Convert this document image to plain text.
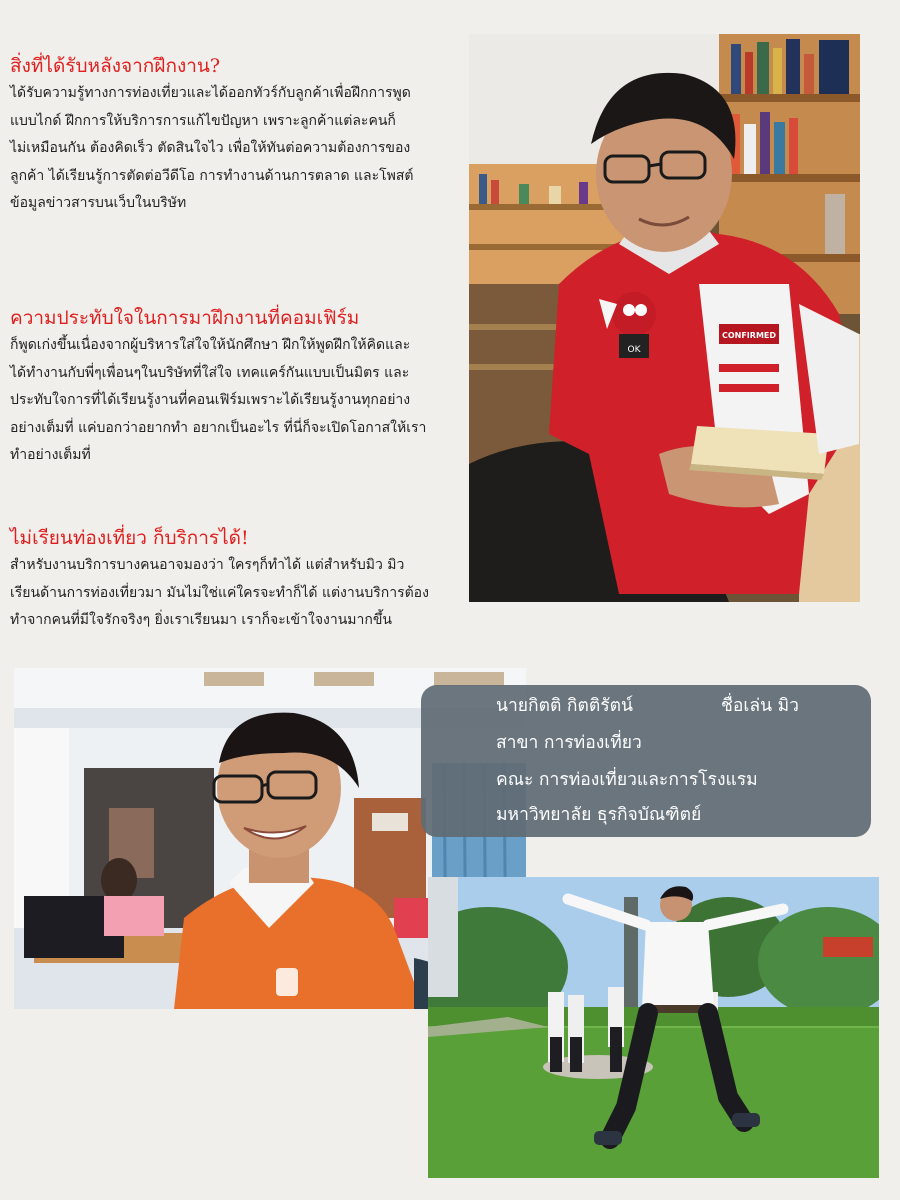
สิ่งที่ได้รับหลังจากฝึกงาน?

ได้รับความรู้ทางการท่องเที่ยวและได้ออกทัวร์กับลูกค้าเพื่อฝึกการพูด

แบบไกด์ ฝึกการให้บริการการแก้ไขปัญหา เพราะลูกค้าแต่ละคนก็

ไม่เหมือนกัน ต้องคิดเร็ว ตัดสินใจไว เพื่อให้ทันต่อความต้องการของ

ลูกค้า ได้เรียนรู้การตัดต่อวีดีโอ การทำงานด้านการตลาด และโพสต์

ข้อมูลข่าวสารบนเว็บในบริษัท

ความประทับใจในการมาฝึกงานที่คอมเฟิร์ม

ก็พูดเก่งขึ้นเนื่องจากผู้บริหารใส่ใจให้นักศึกษา ฝึกให้พูดฝึกให้คิดและ

ได้ทำงานกับพี่ๆเพื่อนๆในบริษัทที่ใส่ใจ เทคแคร์กันแบบเป็นมิตร และ

ประทับใจการที่ได้เรียนรู้งานที่คอนเฟิร์มเพราะได้เรียนรู้งานทุกอย่าง

อย่างเต็มที่ แค่บอกว่าอยากทำ อยากเป็นอะไร ที่นี่ก็จะเปิดโอกาสให้เรา

ทำอย่างเต็มที่

ไม่เรียนท่องเที่ยว ก็บริการได้!

สำหรับงานบริการบางคนอาจมองว่า ใครๆก็ทำได้ แต่สำหรับมิว มิว

เรียนด้านการท่องเที่ยวมา มันไม่ใช่แค่ใครจะทำก็ได้ แต่งานบริการต้อง

ทำจากคนที่มีใจรักจริงๆ ยิ่งเราเรียนมา เราก็จะเข้าใจงานมากขึ้น

OK
CONFIRMED
นายกิตติ กิตติรัตน์	ชื่อเล่น มิว
สาขา การท่องเที่ยว
คณะ การท่องเที่ยวและการโรงแรม
มหาวิทยาลัย ธุรกิจบัณฑิตย์
